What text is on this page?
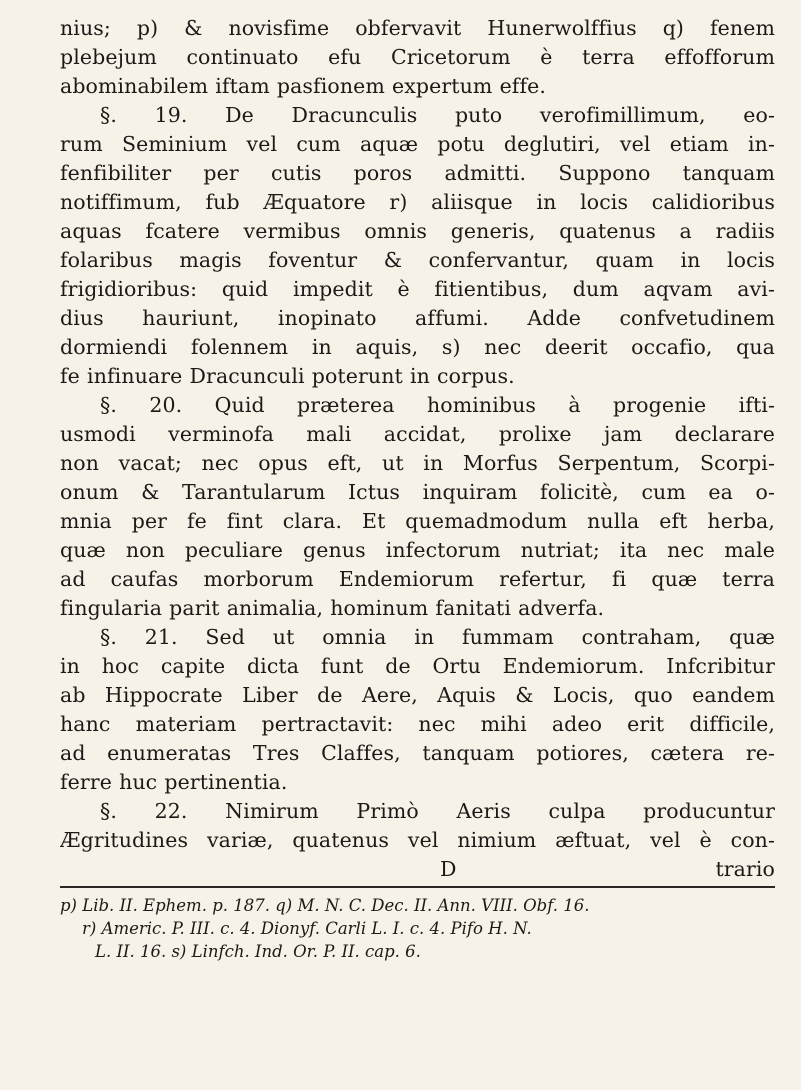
nius; p) & novisfime obfervavit Hunerwolffius q) fenem
plebejum continuato efu Cricetorum è terra effofforum
abominabilem iftam pasfionem expertum effe.
§. 19. De Dracunculis puto verofimillimum, eo-
rum Seminium vel cum aquæ potu deglutiri, vel etiam in-
fenfibiliter per cutis poros admitti. Suppono tanquam
notiffimum, fub Æquatore r) aliisque in locis calidioribus
aquas fcatere vermibus omnis generis, quatenus a radiis
folaribus magis foventur & confervantur, quam in locis
frigidioribus: quid impedit è fitientibus, dum aqvam avi-
dius hauriunt, inopinato affumi. Adde confvetudinem
dormiendi folennem in aquis, s) nec deerit occafio, qua
fe infinuare Dracunculi poterunt in corpus.
§. 20. Quid præterea hominibus à progenie ifti-
usmodi verminofa mali accidat, prolixe jam declarare
non vacat; nec opus eft, ut in Morfus Serpentum, Scorpi-
onum & Tarantularum Ictus inquiram folicitè, cum ea o-
mnia per fe fint clara. Et quemadmodum nulla eft herba,
quæ non peculiare genus infectorum nutriat; ita nec male
ad caufas morborum Endemiorum refertur, fi quæ terra
fingularia parit animalia, hominum fanitati adverfa.
§. 21. Sed ut omnia in fummam contraham, quæ
in hoc capite dicta funt de Ortu Endemiorum. Infcribitur
ab Hippocrate Liber de Aere, Aquis & Locis, quo eandem
hanc materiam pertractavit: nec mihi adeo erit difficile,
ad enumeratas Tres Claffes, tanquam potiores, cætera re-
ferre huc pertinentia.
§. 22. Nimirum Primò Aeris culpa producuntur
Ægritudines variæ, quatenus vel nimium æftuat, vel è con-
D	trario
p) Lib. II. Ephem. p. 187. q) M. N. C. Dec. II. Ann. VIII. Obf. 16.
r) Americ. P. III. c. 4. Dionyf. Carli L. I. c. 4. Pifo H. N.
L. II. 16. s) Linfch. Ind. Or. P. II. cap. 6.
